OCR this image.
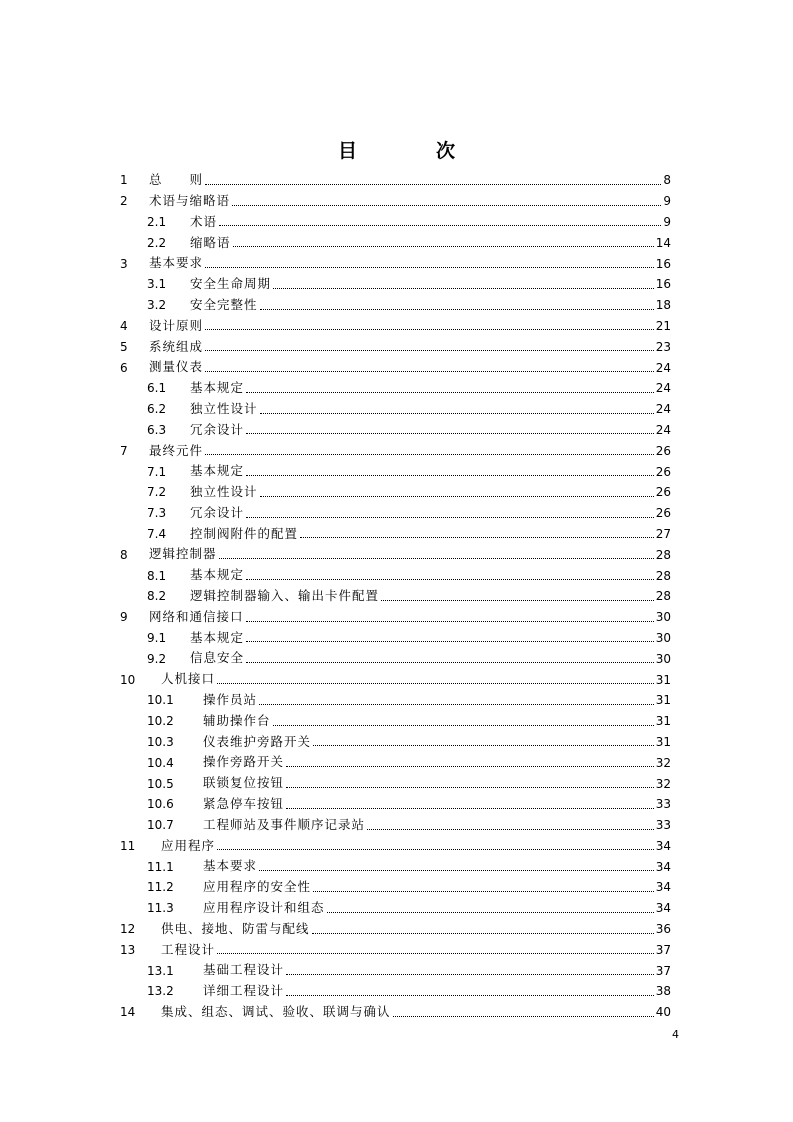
目　次
1	总　　则	8
2	术语与缩略语	9
2.1	术语	9
2.2	缩略语	14
3	基本要求	16
3.1	安全生命周期	16
3.2	安全完整性	18
4	设计原则	21
5	系统组成	23
6	测量仪表	24
6.1	基本规定	24
6.2	独立性设计	24
6.3	冗余设计	24
7	最终元件	26
7.1	基本规定	26
7.2	独立性设计	26
7.3	冗余设计	26
7.4	控制阀附件的配置	27
8	逻辑控制器	28
8.1	基本规定	28
8.2	逻辑控制器输入、输出卡件配置	28
9	网络和通信接口	30
9.1	基本规定	30
9.2	信息安全	30
10	人机接口	31
10.1	操作员站	31
10.2	辅助操作台	31
10.3	仪表维护旁路开关	31
10.4	操作旁路开关	32
10.5	联锁复位按钮	32
10.6	紧急停车按钮	33
10.7	工程师站及事件顺序记录站	33
11	应用程序	34
11.1	基本要求	34
11.2	应用程序的安全性	34
11.3	应用程序设计和组态	34
12	供电、接地、防雷与配线	36
13	工程设计	37
13.1	基础工程设计	37
13.2	详细工程设计	38
14	集成、组态、调试、验收、联调与确认	40
4
